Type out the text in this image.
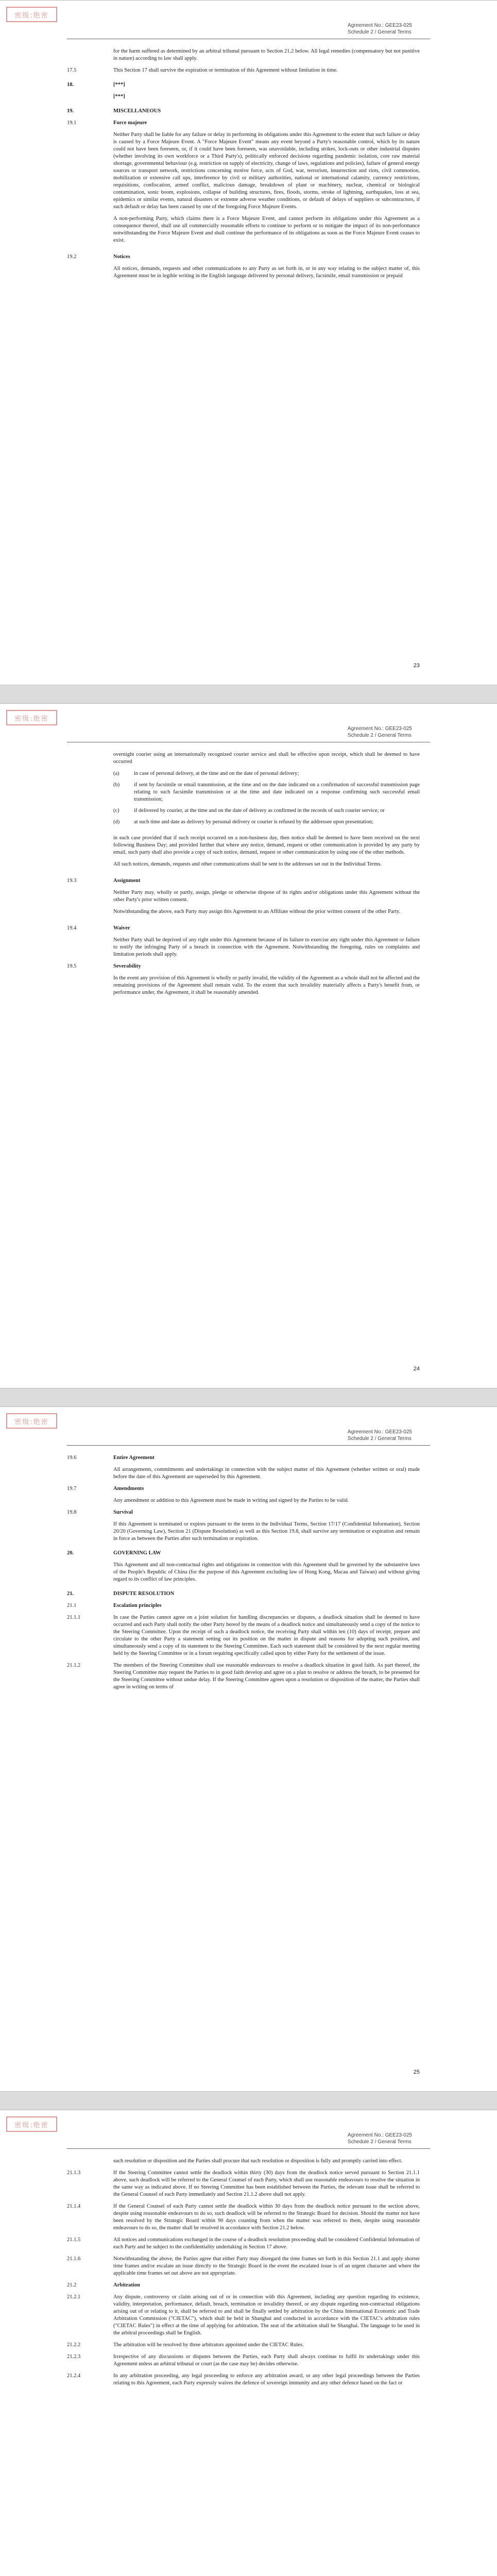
密级:绝密
Agreement No.: GEE23-025
Schedule 2 / General Terms
for the harm suffered as determined by an arbitral tribunal pursuant to Section 21.2 below. All legal remedies (compensatory but not punitive in nature) according to law shall apply.
17.5	This Section 17 shall survive the expiration or termination of this Agreement without limitation in time.
18.	[***]
[***]
19.	MISCELLANEOUS
19.1	Force majeure

Neither Party shall be liable for any failure or delay in performing its obligations under this Agreement to the extent that such failure or delay is caused by a Force Majeure Event. A "Force Majeure Event" means any event beyond a Party's reasonable control, which by its nature could not have been foreseen, or, if it could have been foreseen, was unavoidable, including strikes, lock-outs or other industrial disputes (whether involving its own workforce or a Third Party's), politically enforced decisions regarding pandemic isolation, core raw material shortage, governmental behaviour (e.g. restriction on supply of electricity, change of laws, regulations and policies), failure of general energy sources or transport network, restrictions concerning motive force, acts of God, war, terrorism, insurrection and riots, civil commotion, mobilization or extensive call ups, interference by civil or military authorities, national or international calamity, currency restrictions, requisitions, confiscation, armed conflict, malicious damage, breakdown of plant or machinery, nuclear, chemical or biological contamination, sonic boom, explosions, collapse of building structures, fires, floods, storms, stroke of lightning, earthquakes, loss at sea, epidemics or similar events, natural disasters or extreme adverse weather conditions, or default of delays of suppliers or subcontractors, if such default or delay has been caused by one of the foregoing Force Majeure Events.

A non-performing Party, which claims there is a Force Majeure Event, and cannot perform its obligations under this Agreement as a consequence thereof, shall use all commercially reasonable efforts to continue to perform or to mitigate the impact of its non-performance notwithstanding the Force Majeure Event and shall continue the performance of its obligations as soon as the Force Majeure Event ceases to exist.

19.2	Notices
All notices, demands, requests and other communications to any Party as set forth in, or in any way relating to the subject matter of, this Agreement must be in legible writing in the English language delivered by personal delivery, facsimile, email transmission or prepaid
23
密级:绝密
Agreement No.: GEE23-025
Schedule 2 / General Terms
overnight courier using an internationally recognized courier service and shall be effective upon receipt, which shall be deemed to have occurred
(a)	in case of personal delivery, at the time and on the date of personal delivery;
(b)	if sent by facsimile or email transmission, at the time and on the date indicated on a confirmation of successful transmission page relating to such facsimile transmission or at the time and date indicated on a response confirming such successful email transmission;
(c)	if delivered by courier, at the time and on the date of delivery as confirmed in the records of such courier service; or
(d)	at such time and date as delivery by personal delivery or courier is refused by the addressee upon presentation;

in each case provided that if such receipt occurred on a non-business day, then notice shall be deemed to have been received on the next following Business Day; and provided further that where any notice, demand, request or other communication is provided by any party by email, such party shall also provide a copy of such notice, demand, request or other communication by using one of the other methods.

All such notices, demands, requests and other communications shall be sent to the addresses set out in the Individual Terms.

19.3	Assignment

Neither Party may, wholly or partly, assign, pledge or otherwise dispose of its rights and/or obligations under this Agreement without the other Party's prior written consent.

Notwithstanding the above, each Party may assign this Agreement to an Affiliate without the prior written consent of the other Party.

19.4	Waiver
Neither Party shall be deprived of any right under this Agreement because of its failure to exercise any right under this Agreement or failure to notify the infringing Party of a breach in connection with the Agreement. Notwithstanding the foregoing, rules on complaints and limitation periods shall apply.
19.5	Severability
In the event any provision of this Agreement is wholly or partly invalid, the validity of the Agreement as a whole shall not be affected and the remaining provisions of the Agreement shall remain valid. To the extent that such invalidity materially affects a Party's benefit from, or performance under, the Agreement, it shall be reasonably amended.
24
密级:绝密
Agreement No.: GEE23-025
Schedule 2 / General Terms
19.6	Entire Agreement
All arrangements, commitments and undertakings in connection with the subject matter of this Agreement (whether written or oral) made before the date of this Agreement are superseded by this Agreement.
19.7	Amendments
Any amendment or addition to this Agreement must be made in writing and signed by the Parties to be valid.
19.8	Survival
If this Agreement is terminated or expires pursuant to the terms in the Individual Terms, Section 17/17 (Confidential Information), Section 20/20 (Governing Law), Section 21 (Dispute Resolution) as well as this Section 19.8, shall survive any termination or expiration and remain in force as between the Parties after such termination or expiration.
20.	GOVERNING LAW
This Agreement and all non-contractual rights and obligations in connection with this Agreement shall be governed by the substantive laws of the People's Republic of China (for the purpose of this Agreement excluding law of Hong Kong, Macau and Taiwan) and without giving regard to its conflict of law principles.
21.	DISPUTE RESOLUTION
21.1	Escalation principles
21.1.1	In case the Parties cannot agree on a joint solution for handling discrepancies or disputes, a deadlock situation shall be deemed to have occurred and each Party shall notify the other Party hereof by the means of a deadlock notice and simultaneously send a copy of the notice to the Steering Committee. Upon the receipt of such a deadlock notice, the receiving Party shall within ten (10) days of receipt, prepare and circulate to the other Party a statement setting out its position on the matter in dispute and reasons for adopting such position, and simultaneously send a copy of its statement to the Steering Committee. Each such statement shall be considered by the next regular meeting held by the Steering Committee or in a forum requiring specifically called upon by either Party for the settlement of the issue.
21.1.2	The members of the Steering Committee shall use reasonable endeavours to resolve a deadlock situation in good faith. As part thereof, the Steering Committee may request the Parties to in good faith develop and agree on a plan to resolve or address the breach, to be presented for the Steering Committee without undue delay. If the Steering Committee agrees upon a resolution or disposition of the matter, the Parties shall agree in writing on terms of
25
密级:绝密
Agreement No.: GEE23-025
Schedule 2 / General Terms
such resolution or disposition and the Parties shall procure that such resolution or disposition is fully and promptly carried into effect.
21.1.3	If the Steering Committee cannot settle the deadlock within thirty (30) days from the deadlock notice served pursuant to Section 21.1.1 above, such deadlock will be referred to the General Counsel of each Party, which shall use reasonable endeavours to resolve the situation in the same way as indicated above. If no Steering Committee has been established between the Parties, the relevant issue shall be referred to the General Counsel of each Party immediately and Section 21.1.2 above shall not apply.
21.1.4	If the General Counsel of each Party cannot settle the deadlock within 30 days from the deadlock notice pursuant to the section above, despite using reasonable endeavours to do so, such deadlock will be referred to the Strategic Board for decision. Should the matter not have been resolved by the Strategic Board within 90 days counting from when the matter was referred to them, despite using reasonable endeavours to do so, the matter shall be resolved in accordance with Section 21.2 below.
21.1.5	All notices and communications exchanged in the course of a deadlock resolution proceeding shall be considered Confidential Information of each Party and be subject to the confidentiality undertaking in Section 17 above.
21.1.6	Notwithstanding the above, the Parties agree that either Party may disregard the time frames set forth in this Section 21.1 and apply shorter time frames and/or escalate an issue directly to the Strategic Board in the event the escalated issue is of an urgent character and where the applicable time frames set out above are not appropriate.
21.2	Arbitration
21.2.1	Any dispute, controversy or claim arising out of or in connection with this Agreement, including any question regarding its existence, validity, interpretation, performance, default, breach, termination or invalidity thereof, or any dispute regarding non-contractual obligations arising out of or relating to it, shall be referred to and shall be finally settled by arbitration by the China International Economic and Trade Arbitration Commission ("CIETAC"), which shall be held in Shanghai and conducted in accordance with the CIETAC's arbitration rules ("CIETAC Rules") in effect at the time of applying for arbitration. The seat of the arbitration shall be Shanghai. The language to be used in the arbitral proceedings shall be English.
21.2.2	The arbitration will be resolved by three arbitrators appointed under the CIETAC Rules.
21.2.3	Irrespective of any discussions or disputes between the Parties, each Party shall always continue to fulfil its undertakings under this Agreement unless an arbitral tribunal or court (as the case may be) decides otherwise.
21.2.4	In any arbitration proceeding, any legal proceeding to enforce any arbitration award, or any other legal proceedings between the Parties relating to this Agreement, each Party expressly waives the defence of sovereign immunity and any other defence based on the fact or
